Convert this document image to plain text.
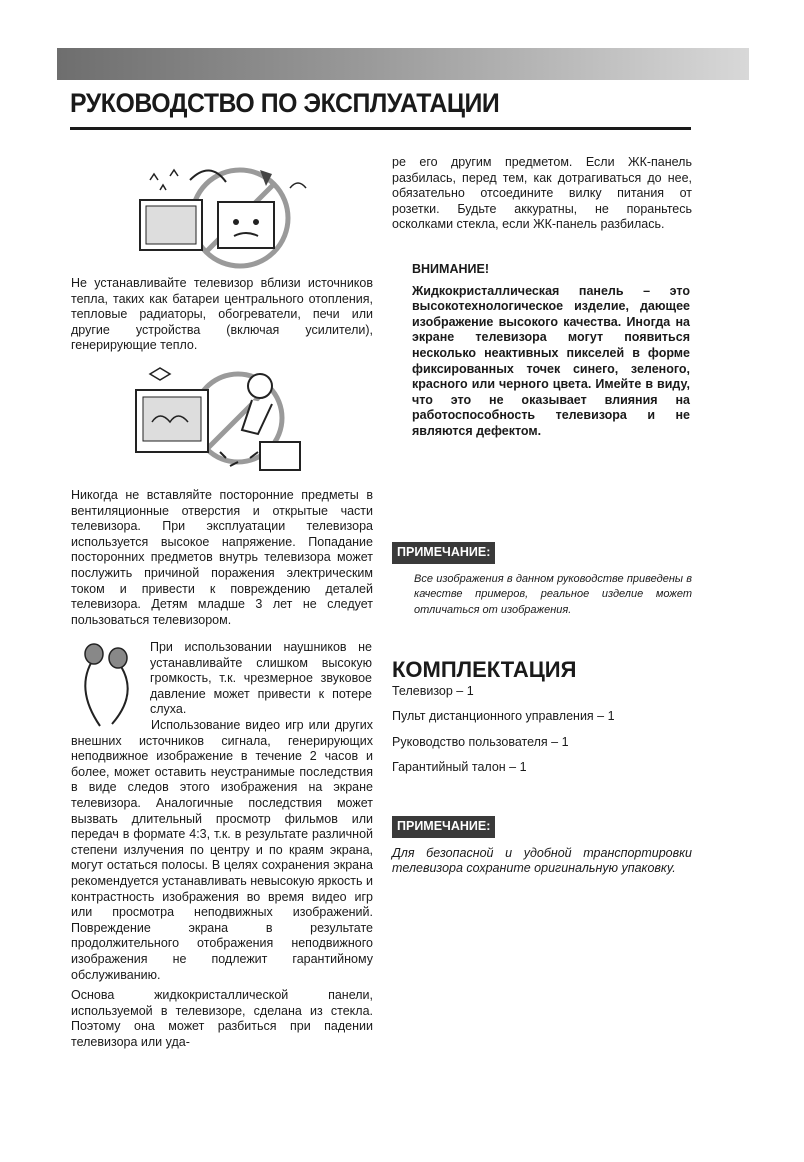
РУКОВОДСТВО ПО ЭКСПЛУАТАЦИИ

Не устанавливайте телевизор вблизи источников тепла, таких как батареи центрального отопления, тепловые радиаторы, обогреватели, печи или другие устройства (включая усилители), генерирующие тепло.

Никогда не вставляйте посторонние предметы в вентиляционные отверстия и открытые части телевизора. При эксплуатации телевизора используется высокое напряжение. Попадание посторонних предметов внутрь телевизора может послужить причиной поражения электрическим током и привести к повреждению деталей телевизора. Детям младше 3 лет не следует пользоваться телевизором.

При использовании наушников не устанавливайте слишком высокую громкость, т.к. чрезмерное звуковое давление может привести к потере слуха.

Использование видео игр или других внешних источников сигнала, генерирующих неподвижное изображение в течение 2 часов и более, может оставить неустранимые последствия в виде следов этого изображения на экране телевизора. Аналогичные последствия может вызвать длительный просмотр фильмов или передач в формате 4:3, т.к. в результате различной степени излучения по центру и по краям экрана, могут остаться полосы. В целях сохранения экрана рекомендуется устанавливать невысокую яркость и контрастность изображения во время видео игр или просмотра неподвижных изображений. Повреждение экрана в результате продолжительного отображения неподвижного изображения не подлежит гарантийному обслуживанию.

Основа жидкокристаллической панели, используемой в телевизоре, сделана из стекла. Поэтому она может разбиться при падении телевизора или уда-

ре его другим предметом. Если ЖК-панель разбилась, перед тем, как дотрагиваться до нее, обязательно отсоедините вилку питания от розетки. Будьте аккуратны, не пораньтесь осколками стекла, если ЖК-панель разбилась.

ВНИМАНИЕ!

Жидкокристаллическая панель – это высокотехнологическое изделие, дающее изображение высокого качества. Иногда на экране телевизора могут появиться несколько неактивных пикселей в форме фиксированных точек синего, зеленого, красного или черного цвета. Имейте в виду, что это не оказывает влияния на работоспособность телевизора и не являются дефектом.

ПРИМЕЧАНИЕ:

Все изображения в данном руководстве приведены в качестве примеров, реальное изделие может отличаться от изображения.

КОМПЛЕКТАЦИЯ

Телевизор – 1

Пульт дистанционного управления – 1

Руководство пользователя – 1

Гарантийный талон – 1

ПРИМЕЧАНИЕ:

Для безопасной и удобной транспортировки телевизора сохраните оригинальную упаковку.
